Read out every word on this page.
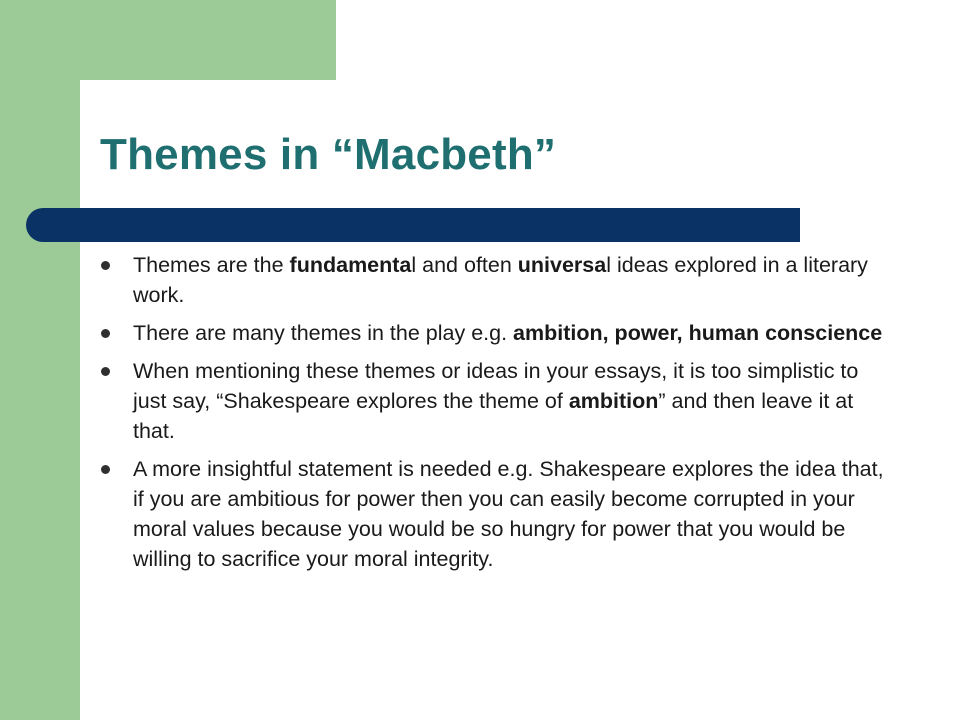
Themes in “Macbeth”
Themes are the fundamental and often universal ideas explored in a literary work.
There are many themes in the play e.g. ambition, power, human conscience
When mentioning these themes or ideas in your essays, it is too simplistic to just say, “Shakespeare explores the theme of ambition” and then leave it at that.
A more insightful statement is needed e.g. Shakespeare explores the idea that, if you are ambitious for power then you can easily become corrupted in your moral values because you would be so hungry for power that you would be willing to sacrifice your moral integrity.
